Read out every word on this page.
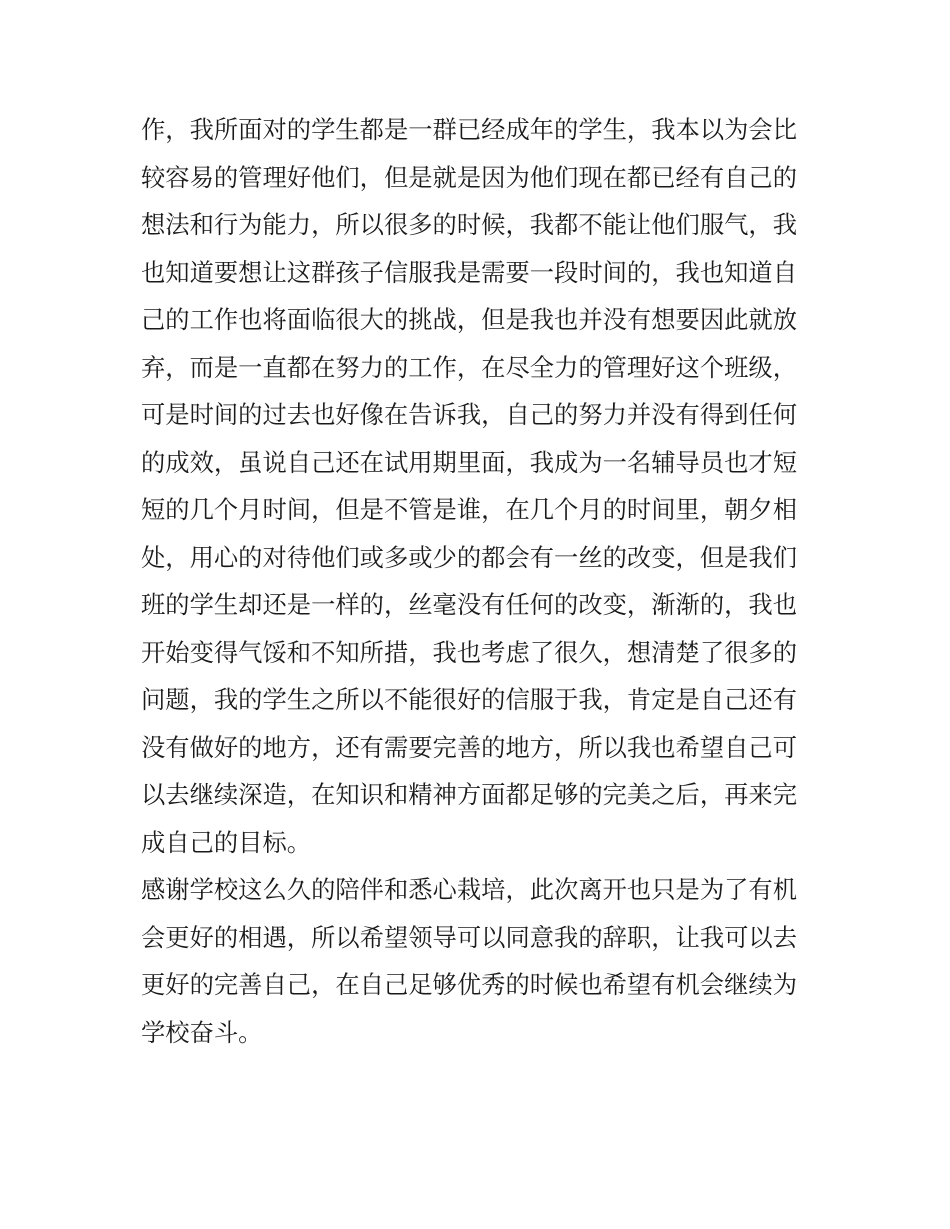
作，我所面对的学生都是一群已经成年的学生，我本以为会比
较容易的管理好他们，但是就是因为他们现在都已经有自己的
想法和行为能力，所以很多的时候，我都不能让他们服气，我
也知道要想让这群孩子信服我是需要一段时间的，我也知道自
己的工作也将面临很大的挑战，但是我也并没有想要因此就放
弃，而是一直都在努力的工作，在尽全力的管理好这个班级，
可是时间的过去也好像在告诉我，自己的努力并没有得到任何
的成效，虽说自己还在试用期里面，我成为一名辅导员也才短
短的几个月时间，但是不管是谁，在几个月的时间里，朝夕相
处，用心的对待他们或多或少的都会有一丝的改变，但是我们
班的学生却还是一样的，丝毫没有任何的改变，渐渐的，我也
开始变得气馁和不知所措，我也考虑了很久，想清楚了很多的
问题，我的学生之所以不能很好的信服于我，肯定是自己还有
没有做好的地方，还有需要完善的地方，所以我也希望自己可
以去继续深造，在知识和精神方面都足够的完美之后，再来完
成自己的目标。
感谢学校这么久的陪伴和悉心栽培，此次离开也只是为了有机
会更好的相遇，所以希望领导可以同意我的辞职，让我可以去
更好的完善自己，在自己足够优秀的时候也希望有机会继续为
学校奋斗。
